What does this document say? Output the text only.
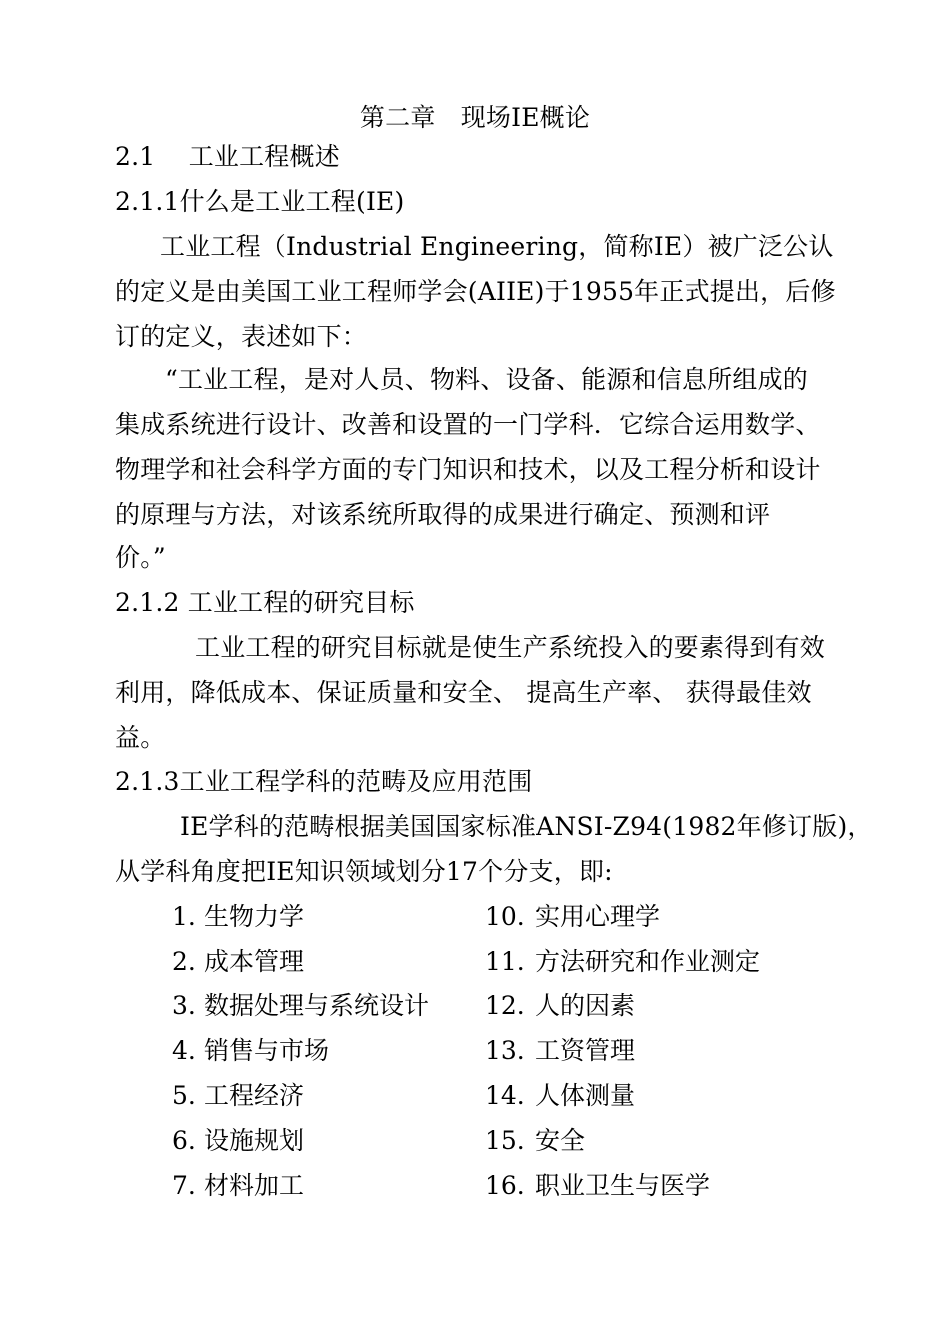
第二章　现场IE概论
2.1　 工业工程概述
2.1.1什么是工业工程(IE)
工业工程（Industrial Engineering，简称IE）被广泛公认
的定义是由美国工业工程师学会(AIIE)于1955年正式提出，后修
订的定义，表述如下：
“工业工程，是对人员、物料、设备、能源和信息所组成的
集成系统进行设计、改善和设置的一门学科．它综合运用数学、
物理学和社会科学方面的专门知识和技术，以及工程分析和设计
的原理与方法，对该系统所取得的成果进行确定、预测和评
价。”
2.1.2 工业工程的研究目标
工业工程的研究目标就是使生产系统投入的要素得到有效
利用，降低成本、保证质量和安全、 提高生产率、 获得最佳效
益。
2.1.3工业工程学科的范畴及应用范围
IE学科的范畴根据美国国家标准ANSI-Z94(1982年修订版)，
从学科角度把IE知识领域划分17个分支，即:
1. 生物力学
2. 成本管理
3. 数据处理与系统设计
4. 销售与市场
5. 工程经济
6. 设施规划
7. 材料加工
10. 实用心理学
11. 方法研究和作业测定
12. 人的因素
13. 工资管理
14. 人体测量
15. 安全
16. 职业卫生与医学
